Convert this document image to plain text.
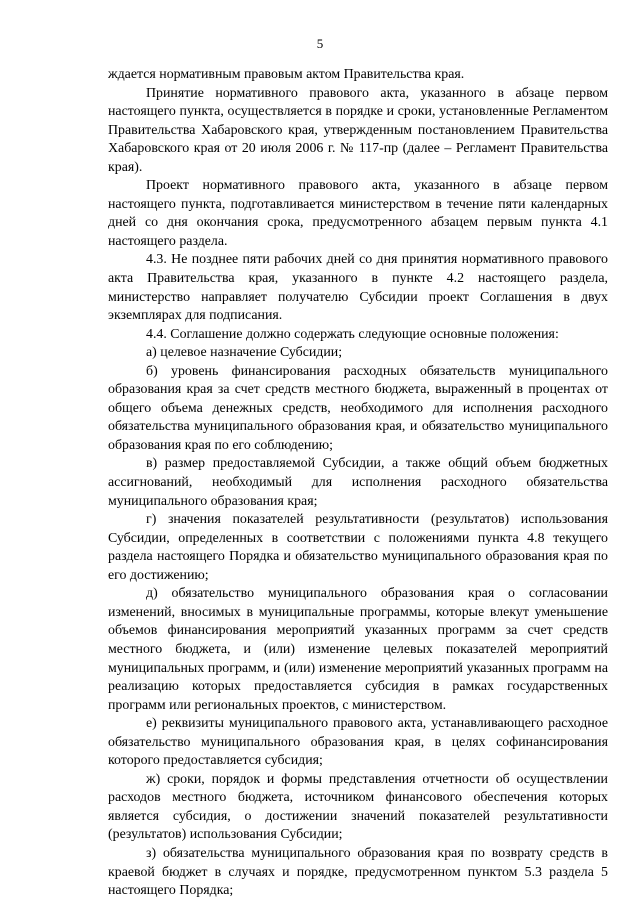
5

ждается нормативным правовым актом Правительства края.

Принятие нормативного правового акта, указанного в абзаце первом настоящего пункта, осуществляется в порядке и сроки, установленные Регламентом Правительства Хабаровского края, утвержденным постановлением Правительства Хабаровского края от 20 июля 2006 г. № 117-пр (далее – Регламент Правительства края).

Проект нормативного правового акта, указанного в абзаце первом настоящего пункта, подготавливается министерством в течение пяти календарных дней со дня окончания срока, предусмотренного абзацем первым пункта 4.1 настоящего раздела.

4.3. Не позднее пяти рабочих дней со дня принятия нормативного правового акта Правительства края, указанного в пункте 4.2 настоящего раздела, министерство направляет получателю Субсидии проект Соглашения в двух экземплярах для подписания.

4.4. Соглашение должно содержать следующие основные положения:

а) целевое назначение Субсидии;

б) уровень финансирования расходных обязательств муниципального образования края за счет средств местного бюджета, выраженный в процентах от общего объема денежных средств, необходимого для исполнения расходного обязательства муниципального образования края, и обязательство муниципального образования края по его соблюдению;

в) размер предоставляемой Субсидии, а также общий объем бюджетных ассигнований, необходимый для исполнения расходного обязательства муниципального образования края;

г) значения показателей результативности (результатов) использования Субсидии, определенных в соответствии с положениями пункта 4.8 текущего раздела настоящего Порядка и обязательство муниципального образования края по его достижению;

д) обязательство муниципального образования края о согласовании изменений, вносимых в муниципальные программы, которые влекут уменьшение объемов финансирования мероприятий указанных программ за счет средств местного бюджета, и (или) изменение целевых показателей мероприятий муниципальных программ, и (или) изменение мероприятий указанных программ на реализацию которых предоставляется субсидия в рамках государственных программ или региональных проектов, с министерством.

е) реквизиты муниципального правового акта, устанавливающего расходное обязательство муниципального образования края, в целях софинансирования которого предоставляется субсидия;

ж) сроки, порядок и формы представления отчетности об осуществлении расходов местного бюджета, источником финансового обеспечения которых является субсидия, о достижении значений показателей результативности (результатов) использования Субсидии;

з) обязательства муниципального образования края по возврату средств в краевой бюджет в случаях и порядке, предусмотренном пунктом 5.3 раздела 5 настоящего Порядка;
